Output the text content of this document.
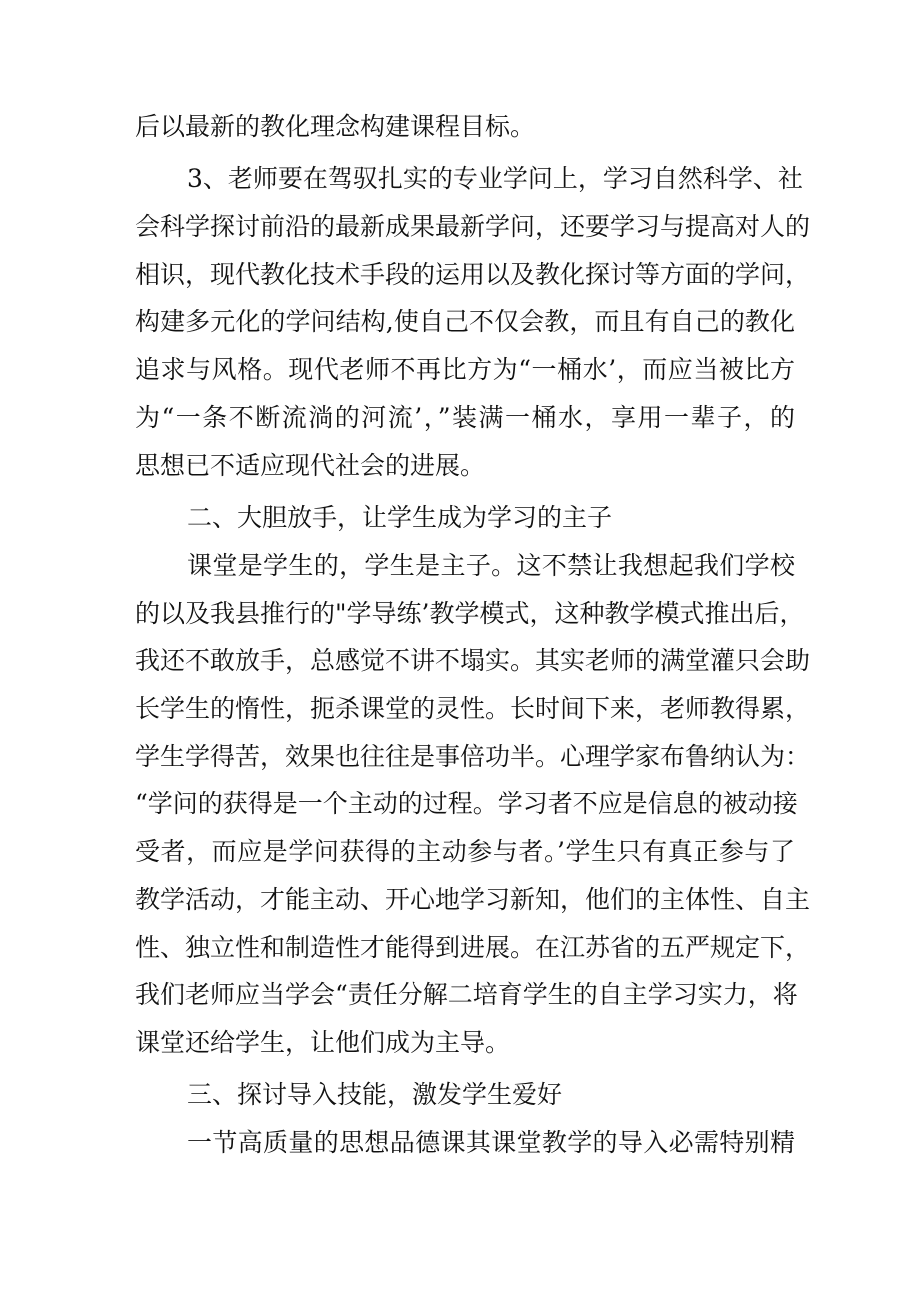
后以最新的教化理念构建课程目标。
3、老师要在驾驭扎实的专业学问上，学习自然科学、社
会科学探讨前沿的最新成果最新学问，还要学习与提高对人的
相识，现代教化技术手段的运用以及教化探讨等方面的学问，
构建多元化的学问结构,使自己不仅会教，而且有自己的教化
追求与风格。现代老师不再比方为“一桶水’，而应当被比方
为“一条不断流淌的河流’，”装满一桶水，享用一辈子，的
思想已不适应现代社会的进展。
二、大胆放手，让学生成为学习的主子
课堂是学生的，学生是主子。这不禁让我想起我们学校
的以及我县推行的"学导练’教学模式，这种教学模式推出后，
我还不敢放手，总感觉不讲不塌实。其实老师的满堂灌只会助
长学生的惰性，扼杀课堂的灵性。长时间下来，老师教得累，
学生学得苦，效果也往往是事倍功半。心理学家布鲁纳认为：
“学问的获得是一个主动的过程。学习者不应是信息的被动接
受者，而应是学问获得的主动参与者。’学生只有真正参与了
教学活动，才能主动、开心地学习新知，他们的主体性、自主
性、独立性和制造性才能得到进展。在江苏省的五严规定下，
我们老师应当学会“责任分解二培育学生的自主学习实力，将
课堂还给学生，让他们成为主导。
三、探讨导入技能，激发学生爱好
一节高质量的思想品德课其课堂教学的导入必需特别精
